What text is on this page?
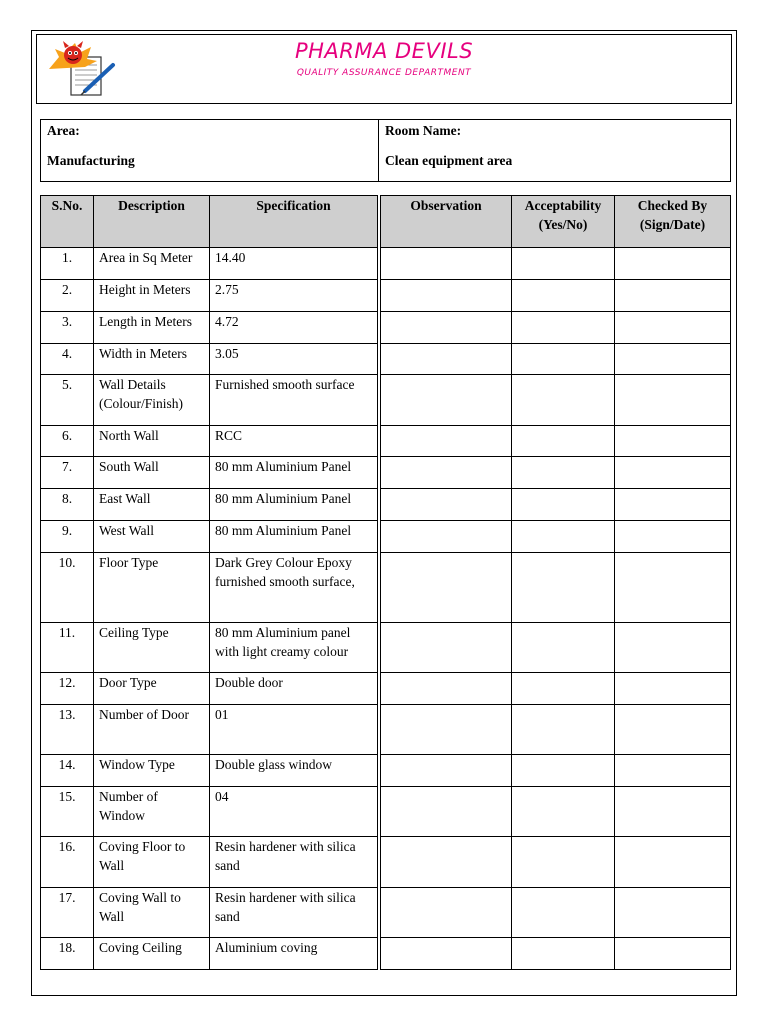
PHARMA DEVILS
QUALITY ASSURANCE DEPARTMENT
Area:
Manufacturing

Room Name:
Clean equipment area
S.No.	Description	Specification		Observation	Acceptability (Yes/No)	Checked By (Sign/Date)
1.	Area in Sq Meter	14.40				
2.	Height in Meters	2.75				
3.	Length in Meters	4.72				
4.	Width in Meters	3.05				
5.	Wall Details (Colour/Finish)	Furnished smooth surface				
6.	North Wall	RCC				
7.	South Wall	80 mm Aluminium Panel				
8.	East Wall	80 mm Aluminium Panel				
9.	West Wall	80 mm Aluminium Panel				
10.	Floor Type	Dark Grey Colour Epoxy furnished smooth surface,				
11.	Ceiling Type	80 mm Aluminium panel with light creamy colour				
12.	Door Type	Double door				
13.	Number of Door	01				
14.	Window Type	Double glass window				
15.	Number of Window	04				
16.	Coving Floor to Wall	Resin hardener with silica sand				
17.	Coving Wall to Wall	Resin hardener with silica sand				
18.	Coving Ceiling	Aluminium coving				
